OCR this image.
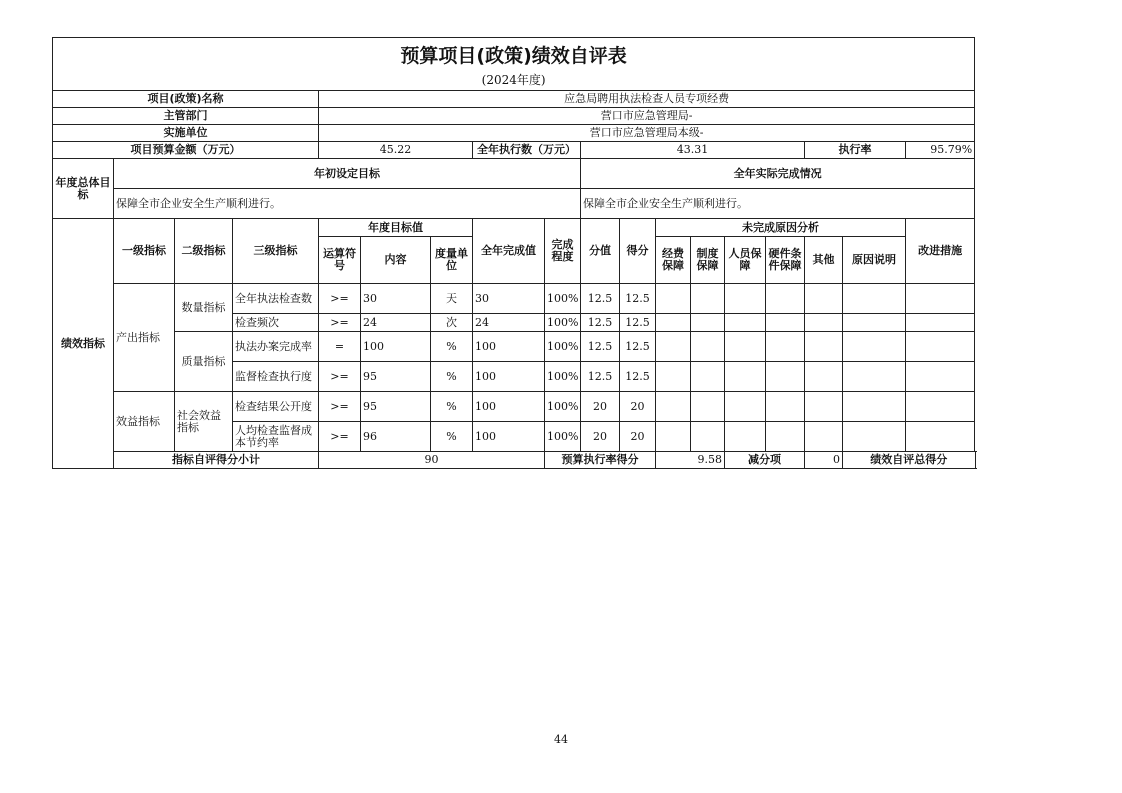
预算项目(政策)绩效自评表																		
(2024年度)																		
项目(政策)名称				应急局聘用执法检查人员专项经费														
主管部门				营口市应急管理局-														
实施单位				营口市应急管理局本级-														
项目预算金额（万元）				45.22			全年执行数（万元）		43.31						执行率		95.79%	
年度总体目标	年初设定目标								全年实际完成情况									
	保障全市企业安全生产顺利进行。								保障全市企业安全生产顺利进行。									
绩效指标	一级指标	二级指标	三级指标	年度目标值			全年完成值	完成程度	分值	得分	未完成原因分析						改进措施	
				运算符号	内容	度量单位					经费保障	制度保障	人员保障	硬件条件保障	其他	原因说明		
	产出指标	数量指标	全年执法检查数	>=	30	天	30	100%	12.5	12.5								
			检查频次	>=	24	次	24	100%	12.5	12.5								
		质量指标	执法办案完成率	=	100	%	100	100%	12.5	12.5								
			监督检查执行度	>=	95	%	100	100%	12.5	12.5								
	效益指标	社会效益指标	检查结果公开度	>=	95	%	100	100%	20	20								
			人均检查监督成本节约率	>=	96	%	100	100%	20	20								
	指标自评得分小计			90				预算执行率得分			9.58		减分项		0	绩效自评总得分	
44
